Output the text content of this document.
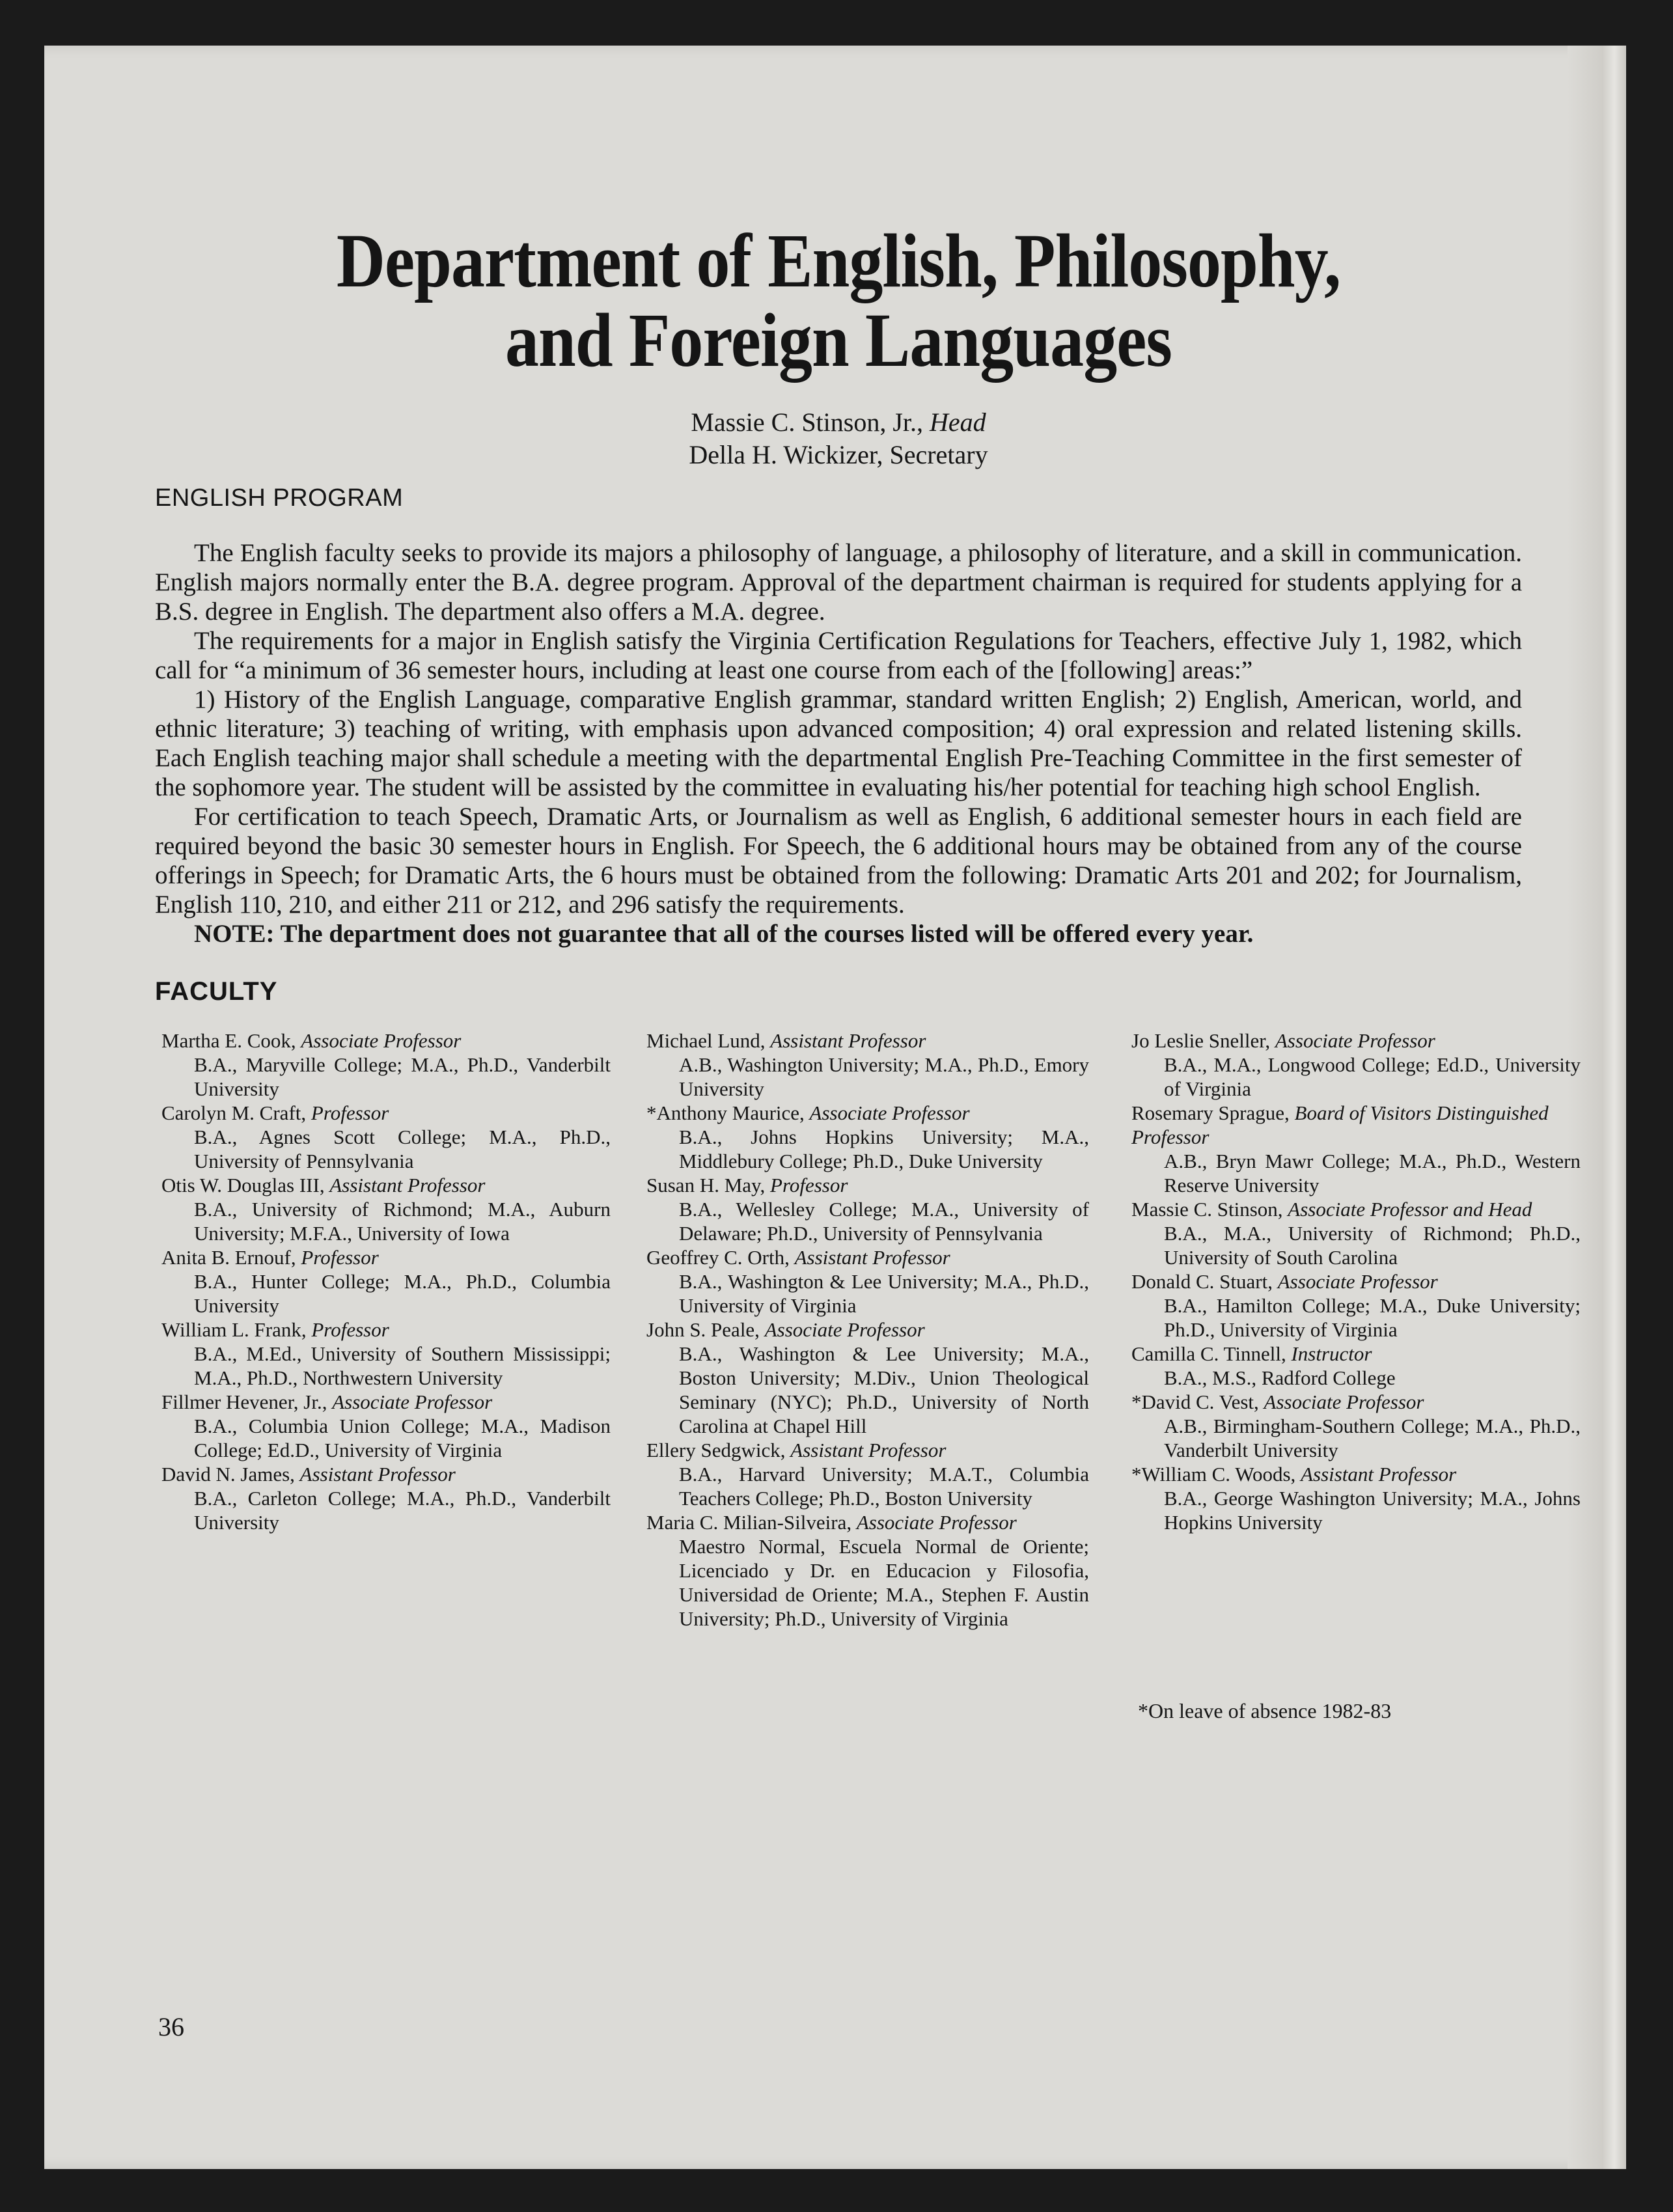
Department of English, Philosophy,
and Foreign Languages
Massie C. Stinson, Jr., Head
Della H. Wickizer, Secretary
ENGLISH PROGRAM

The English faculty seeks to provide its majors a philosophy of language, a philosophy of literature, and a skill in communication. English majors normally enter the B.A. degree program. Approval of the department chairman is required for students applying for a B.S. degree in English. The department also offers a M.A. degree.

The requirements for a major in English satisfy the Virginia Certification Regulations for Teachers, effective July 1, 1982, which call for “a minimum of 36 semester hours, including at least one course from each of the [following] areas:”

1) History of the English Language, comparative English grammar, standard written English; 2) English, American, world, and ethnic literature; 3) teaching of writing, with emphasis upon advanced composition; 4) oral expression and related listening skills. Each English teaching major shall schedule a meeting with the departmental English Pre-Teaching Committee in the first semester of the sophomore year. The student will be assisted by the committee in evaluating his/her potential for teaching high school English.

For certification to teach Speech, Dramatic Arts, or Journalism as well as English, 6 additional semester hours in each field are required beyond the basic 30 semester hours in English. For Speech, the 6 additional hours may be obtained from any of the course offerings in Speech; for Dramatic Arts, the 6 hours must be obtained from the following: Dramatic Arts 201 and 202; for Journalism, English 110, 210, and either 211 or 212, and 296 satisfy the requirements.

NOTE: The department does not guarantee that all of the courses listed will be offered every year.

FACULTY
Martha E. Cook, Associate Professor
B.A., Maryville College; M.A., Ph.D., Vanderbilt University
Carolyn M. Craft, Professor
B.A., Agnes Scott College; M.A., Ph.D., University of Pennsylvania
Otis W. Douglas III, Assistant Professor
B.A., University of Richmond; M.A., Auburn University; M.F.A., University of Iowa
Anita B. Ernouf, Professor
B.A., Hunter College; M.A., Ph.D., Columbia University
William L. Frank, Professor
B.A., M.Ed., University of Southern Mississippi; M.A., Ph.D., Northwestern University
Fillmer Hevener, Jr., Associate Professor
B.A., Columbia Union College; M.A., Madison College; Ed.D., University of Virginia
David N. James, Assistant Professor
B.A., Carleton College; M.A., Ph.D., Vanderbilt University
Michael Lund, Assistant Professor
A.B., Washington University; M.A., Ph.D., Emory University
*Anthony Maurice, Associate Professor
B.A., Johns Hopkins University; M.A., Middlebury College; Ph.D., Duke University
Susan H. May, Professor
B.A., Wellesley College; M.A., University of Delaware; Ph.D., University of Pennsylvania
Geoffrey C. Orth, Assistant Professor
B.A., Washington & Lee University; M.A., Ph.D., University of Virginia
John S. Peale, Associate Professor
B.A., Washington & Lee University; M.A., Boston University; M.Div., Union Theological Seminary (NYC); Ph.D., University of North Carolina at Chapel Hill
Ellery Sedgwick, Assistant Professor
B.A., Harvard University; M.A.T., Columbia Teachers College; Ph.D., Boston University
Maria C. Milian-Silveira, Associate Professor
Maestro Normal, Escuela Normal de Oriente; Licenciado y Dr. en Educacion y Filosofia, Universidad de Oriente; M.A., Stephen F. Austin University; Ph.D., University of Virginia
Jo Leslie Sneller, Associate Professor
B.A., M.A., Longwood College; Ed.D., University of Virginia
Rosemary Sprague, Board of Visitors Distinguished Professor
A.B., Bryn Mawr College; M.A., Ph.D., Western Reserve University
Massie C. Stinson, Associate Professor and Head
B.A., M.A., University of Richmond; Ph.D., University of South Carolina
Donald C. Stuart, Associate Professor
B.A., Hamilton College; M.A., Duke University; Ph.D., University of Virginia
Camilla C. Tinnell, Instructor
B.A., M.S., Radford College
*David C. Vest, Associate Professor
A.B., Birmingham-Southern College; M.A., Ph.D., Vanderbilt University
*William C. Woods, Assistant Professor
B.A., George Washington University; M.A., Johns Hopkins University
*On leave of absence 1982-83
36
